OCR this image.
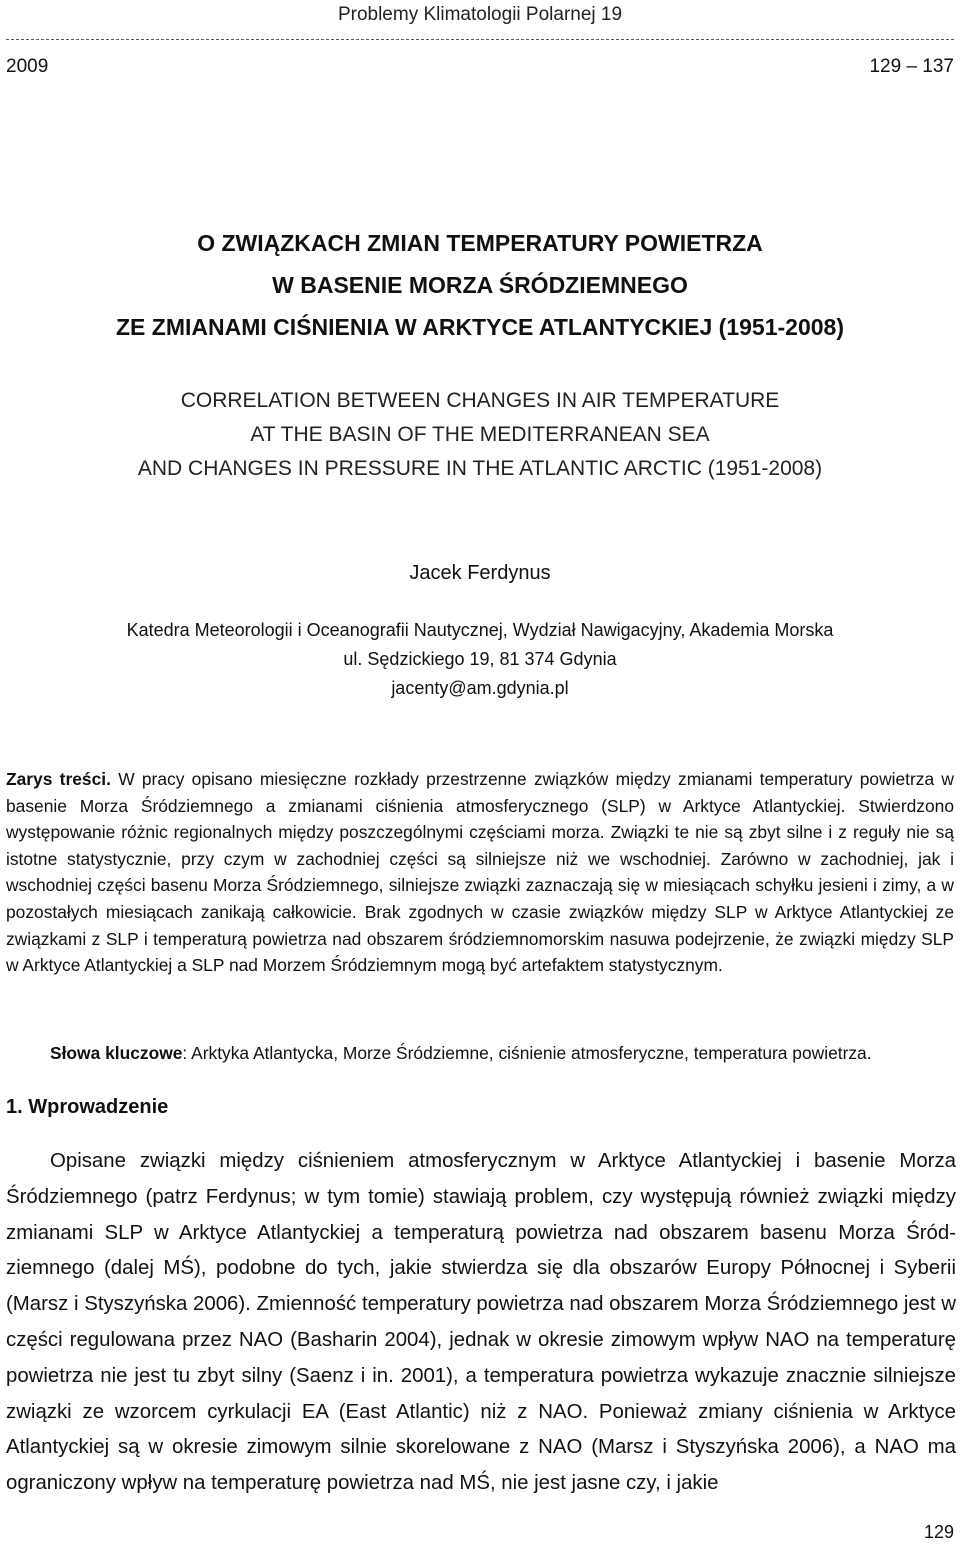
Problemy Klimatologii Polarnej 19
2009	129 – 137
O ZWIĄZKACH ZMIAN TEMPERATURY POWIETRZA
W BASENIE MORZA ŚRÓDZIEMNEGO
ZE ZMIANAMI CIŚNIENIA W ARKTYCE ATLANTYCKIEJ (1951-2008)
CORRELATION BETWEEN CHANGES IN AIR TEMPERATURE
AT THE BASIN OF THE MEDITERRANEAN SEA
AND CHANGES IN PRESSURE IN THE ATLANTIC ARCTIC (1951-2008)
Jacek Ferdynus
Katedra Meteorologii i Oceanografii Nautycznej, Wydział Nawigacyjny, Akademia Morska
ul. Sędzickiego 19, 81 374 Gdynia
jacenty@am.gdynia.pl
Zarys treści. W pracy opisano miesięczne rozkłady przestrzenne związków między zmianami temperatury powietrza w basenie Morza Śródziemnego a zmianami ciśnienia atmosferycznego (SLP) w Arktyce Atlantyckiej. Stwierdzono występowanie różnic regionalnych między poszczególnymi częściami morza. Związki te nie są zbyt silne i z reguły nie są istotne statystycznie, przy czym w zachodniej części są silniejsze niż we wschodniej. Zarówno w zachodniej, jak i wschodniej części basenu Morza Śródziemnego, silniejsze związki zaznaczają się w miesiącach schyłku jesieni i zimy, a w pozostałych miesiącach zanikają całkowicie. Brak zgodnych w czasie związków między SLP w Arktyce Atlantyckiej ze związkami z SLP i temperaturą powietrza nad obszarem śródziemnomorskim nasuwa podejrzenie, że związki między SLP w Arktyce Atlantyckiej a SLP nad Morzem Śródziemnym mogą być artefaktem statystycznym.
Słowa kluczowe: Arktyka Atlantycka, Morze Śródziemne, ciśnienie atmosferyczne, temperatura powietrza.
1. Wprowadzenie
Opisane związki między ciśnieniem atmosferycznym w Arktyce Atlantyckiej i basenie Morza Śródziemnego (patrz Ferdynus; w tym tomie) stawiają problem, czy występują również związki między zmianami SLP w Arktyce Atlantyckiej a temperaturą powietrza nad obszarem basenu Morza Śród-ziemnego (dalej MŚ), podobne do tych, jakie stwierdza się dla obszarów Europy Północnej i Syberii (Marsz i Styszyńska 2006). Zmienność temperatury powietrza nad obszarem Morza Śródziemnego jest w części regulowana przez NAO (Basharin 2004), jednak w okresie zimowym wpływ NAO na temperaturę powietrza nie jest tu zbyt silny (Saenz i in. 2001), a temperatura powietrza wykazuje znacznie silniejsze związki ze wzorcem cyrkulacji EA (East Atlantic) niż z NAO. Ponieważ zmiany ciśnienia w Arktyce Atlantyckiej są w okresie zimowym silnie skorelowane z NAO (Marsz i Styszyńska 2006), a NAO ma ograniczony wpływ na temperaturę powietrza nad MŚ, nie jest jasne czy, i jakie
129
